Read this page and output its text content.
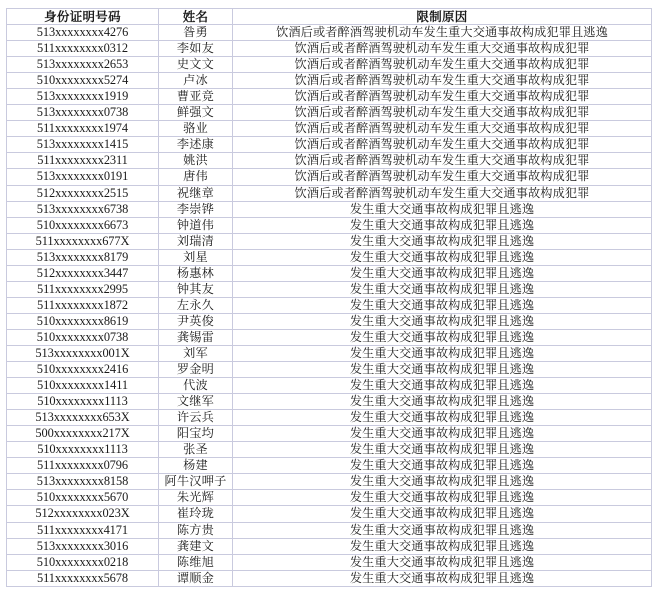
身份证明号码	姓名	限制原因
513xxxxxxxx4276	昝勇	饮酒后或者醉酒驾驶机动车发生重大交通事故构成犯罪且逃逸
511xxxxxxxx0312	李如友	饮酒后或者醉酒驾驶机动车发生重大交通事故构成犯罪
513xxxxxxxx2653	史文文	饮酒后或者醉酒驾驶机动车发生重大交通事故构成犯罪
510xxxxxxxx5274	卢冰	饮酒后或者醉酒驾驶机动车发生重大交通事故构成犯罪
513xxxxxxxx1919	曹亚竞	饮酒后或者醉酒驾驶机动车发生重大交通事故构成犯罪
513xxxxxxxx0738	鲜强文	饮酒后或者醉酒驾驶机动车发生重大交通事故构成犯罪
511xxxxxxxx1974	骆业	饮酒后或者醉酒驾驶机动车发生重大交通事故构成犯罪
513xxxxxxxx1415	李述康	饮酒后或者醉酒驾驶机动车发生重大交通事故构成犯罪
511xxxxxxxx2311	姚洪	饮酒后或者醉酒驾驶机动车发生重大交通事故构成犯罪
513xxxxxxxx0191	唐伟	饮酒后或者醉酒驾驶机动车发生重大交通事故构成犯罪
512xxxxxxxx2515	祝继章	饮酒后或者醉酒驾驶机动车发生重大交通事故构成犯罪
513xxxxxxxx6738	李崇铧	发生重大交通事故构成犯罪且逃逸
510xxxxxxxx6673	钟道伟	发生重大交通事故构成犯罪且逃逸
511xxxxxxxx677X	刘瑞清	发生重大交通事故构成犯罪且逃逸
513xxxxxxxx8179	刘星	发生重大交通事故构成犯罪且逃逸
512xxxxxxxx3447	杨惠林	发生重大交通事故构成犯罪且逃逸
511xxxxxxxx2995	钟其友	发生重大交通事故构成犯罪且逃逸
511xxxxxxxx1872	左永久	发生重大交通事故构成犯罪且逃逸
510xxxxxxxx8619	尹英俊	发生重大交通事故构成犯罪且逃逸
510xxxxxxxx0738	龚锡雷	发生重大交通事故构成犯罪且逃逸
513xxxxxxxx001X	刘军	发生重大交通事故构成犯罪且逃逸
510xxxxxxxx2416	罗金明	发生重大交通事故构成犯罪且逃逸
510xxxxxxxx1411	代波	发生重大交通事故构成犯罪且逃逸
510xxxxxxxx1113	文继军	发生重大交通事故构成犯罪且逃逸
513xxxxxxxx653X	许云兵	发生重大交通事故构成犯罪且逃逸
500xxxxxxxx217X	阳宝均	发生重大交通事故构成犯罪且逃逸
510xxxxxxxx1113	张圣	发生重大交通事故构成犯罪且逃逸
511xxxxxxxx0796	杨建	发生重大交通事故构成犯罪且逃逸
513xxxxxxxx8158	阿牛汉呷子	发生重大交通事故构成犯罪且逃逸
510xxxxxxxx5670	朱光辉	发生重大交通事故构成犯罪且逃逸
512xxxxxxxx023X	崔玲珑	发生重大交通事故构成犯罪且逃逸
511xxxxxxxx4171	陈方贵	发生重大交通事故构成犯罪且逃逸
513xxxxxxxx3016	龚建文	发生重大交通事故构成犯罪且逃逸
510xxxxxxxx0218	陈维旭	发生重大交通事故构成犯罪且逃逸
511xxxxxxxx5678	谭顺金	发生重大交通事故构成犯罪且逃逸
